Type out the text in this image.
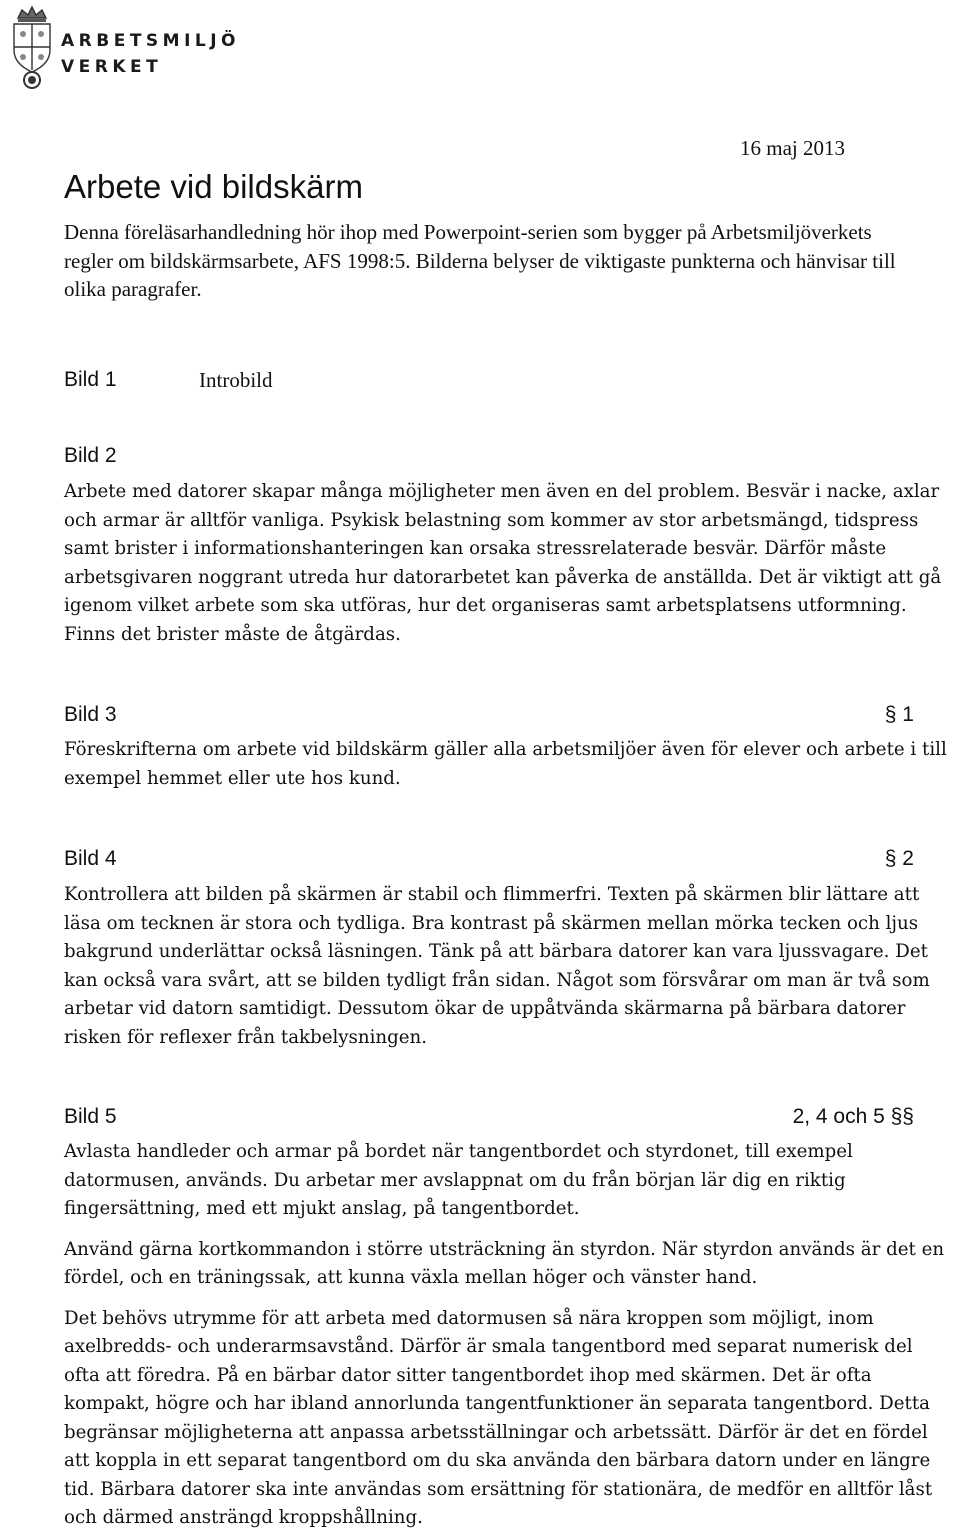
ARBETSMILJÖ
VERKET
16 maj 2013
Arbete vid bildskärm

Denna föreläsarhandledning hör ihop med Powerpoint-serien som bygger på Arbetsmiljöverkets regler om bildskärmsarbete, AFS 1998:5. Bilderna belyser de viktigaste punkterna och hänvisar till olika paragrafer.

Bild 1	Introbild
Bild 2

Arbete med datorer skapar många möjligheter men även en del problem. Besvär i nacke, axlar och armar är alltför vanliga. Psykisk belastning som kommer av stor arbetsmängd, tidspress samt brister i informationshanteringen kan orsaka stressrelaterade besvär. Därför måste arbetsgivaren noggrant utreda hur datorarbetet kan påverka de anställda. Det är viktigt att gå igenom vilket arbete som ska utföras, hur det organiseras samt arbetsplatsens utformning. Finns det brister måste de åtgärdas.

Bild 3	§ 1

Föreskrifterna om arbete vid bildskärm gäller alla arbetsmiljöer även för elever och arbete i till exempel hemmet eller ute hos kund.

Bild 4	§ 2

Kontrollera att bilden på skärmen är stabil och flimmerfri. Texten på skärmen blir lättare att läsa om tecknen är stora och tydliga. Bra kontrast på skärmen mellan mörka tecken och ljus bakgrund underlättar också läsningen. Tänk på att bärbara datorer kan vara ljussvagare. Det kan också vara svårt, att se bilden tydligt från sidan. Något som försvårar om man är två som arbetar vid datorn samtidigt. Dessutom ökar de uppåtvända skärmarna på bärbara datorer risken för reflexer från takbelysningen.

Bild 5	2, 4 och 5 §§

Avlasta handleder och armar på bordet när tangentbordet och styrdonet, till exempel datormusen, används. Du arbetar mer avslappnat om du från början lär dig en riktig fingersättning, med ett mjukt anslag, på tangentbordet.

Använd gärna kortkommandon i större utsträckning än styrdon. När styrdon används är det en fördel, och en träningssak, att kunna växla mellan höger och vänster hand.

Det behövs utrymme för att arbeta med datormusen så nära kroppen som möjligt, inom axelbredds- och underarmsavstånd. Därför är smala tangentbord med separat numerisk del ofta att föredra. På en bärbar dator sitter tangentbordet ihop med skärmen. Det är ofta kompakt, högre och har ibland annorlunda tangentfunktioner än separata tangentbord. Detta begränsar möjligheterna att anpassa arbetsställningar och arbetssätt. Därför är det en fördel att koppla in ett separat tangentbord om du ska använda den bärbara datorn under en längre tid. Bärbara datorer ska inte användas som ersättning för stationära, de medför en alltför låst och därmed ansträngd kroppshållning.
